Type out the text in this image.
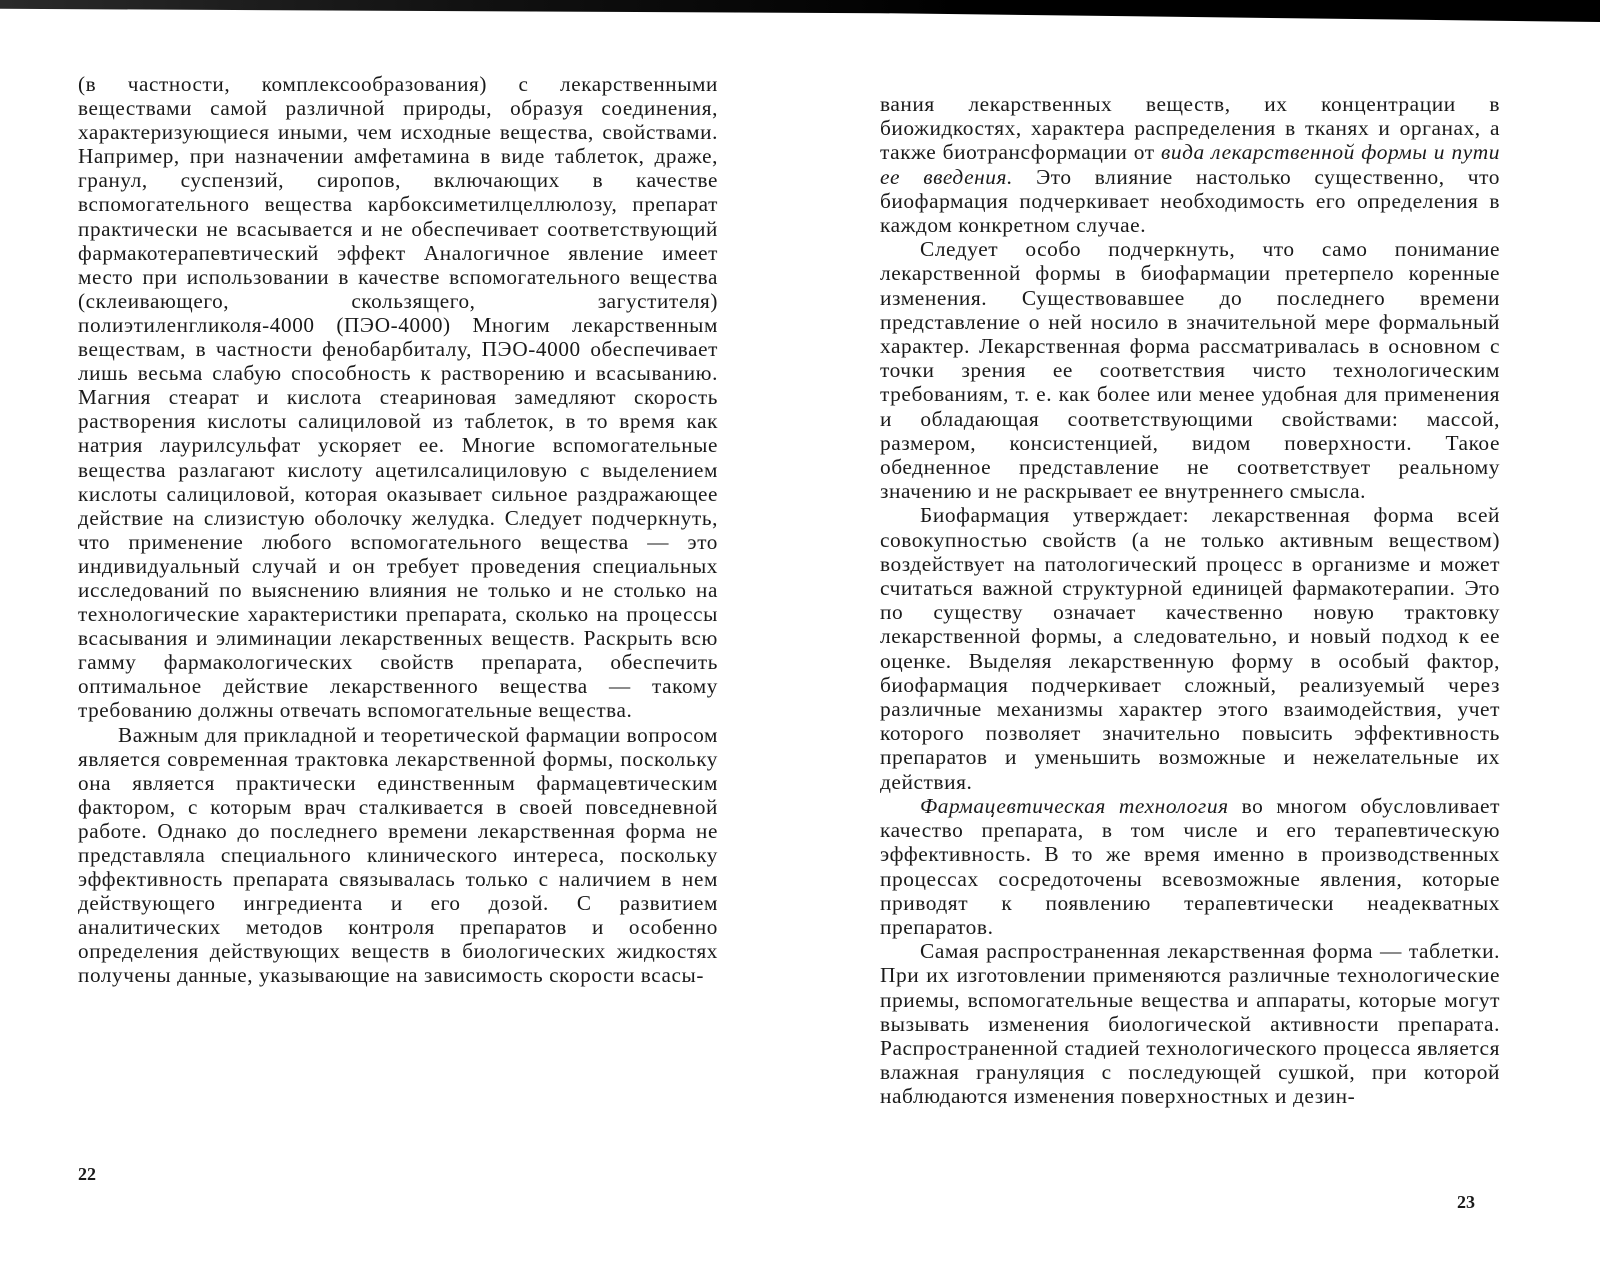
(в частности, комплексообразования) с лекарственными веществами самой различной природы, образуя соединения, характеризующиеся иными, чем исходные вещества, свойствами. Например, при назначении амфетамина в виде таблеток, драже, гранул, суспензий, сиропов, включающих в качестве вспомогательного вещества карбоксиметилцеллюлозу, препарат практически не всасывается и не обеспечивает соответствующий фармакотерапевтический эффект Аналогичное явление имеет место при использовании в качестве вспомогательного вещества (склеивающего, скользящего, загустителя) полиэтиленгликоля-4000 (ПЭО-4000) Многим лекарственным веществам, в частности фенобарбиталу, ПЭО-4000 обеспечивает лишь весьма слабую способность к растворению и всасыванию. Магния стеарат и кислота стеариновая замедляют скорость растворения кислоты салициловой из таблеток, в то время как натрия лаурилсульфат ускоряет ее. Многие вспомогательные вещества разлагают кислоту ацетилсалициловую с выделением кислоты салициловой, которая оказывает сильное раздражающее действие на слизистую оболочку желудка. Следует подчеркнуть, что применение любого вспомогательного вещества — это индивидуальный случай и он требует проведения специальных исследований по выяснению влияния не только и не столько на технологические характеристики препарата, сколько на процессы всасывания и элиминации лекарственных веществ. Раскрыть всю гамму фармакологических свойств препарата, обеспечить оптимальное действие лекарственного вещества — такому требованию должны отвечать вспомогательные вещества.

Важным для прикладной и теоретической фармации вопросом является современная трактовка лекарственной формы, поскольку она является практически единственным фармацевтическим фактором, с которым врач сталкивается в своей повседневной работе. Однако до последнего времени лекарственная форма не представляла специального клинического интереса, поскольку эффективность препарата связывалась только с наличием в нем действующего ингредиента и его дозой. С развитием аналитических методов контроля препаратов и особенно определения действующих веществ в биологических жидкостях получены данные, указывающие на зависимость скорости всасы-

22

вания лекарственных веществ, их концентрации в биожидкостях, характера распределения в тканях и органах, а также биотрансформации от вида лекарственной формы и пути ее введения. Это влияние настолько существенно, что биофармация подчеркивает необходимость его определения в каждом конкретном случае.

Следует особо подчеркнуть, что само понимание лекарственной формы в биофармации претерпело коренные изменения. Существовавшее до последнего времени представление о ней носило в значительной мере формальный характер. Лекарственная форма рассматривалась в основном с точки зрения ее соответствия чисто технологическим требованиям, т. е. как более или менее удобная для применения и обладающая соответствующими свойствами: массой, размером, консистенцией, видом поверхности. Такое обедненное представление не соответствует реальному значению и не раскрывает ее внутреннего смысла.

Биофармация утверждает: лекарственная форма всей совокупностью свойств (а не только активным веществом) воздействует на патологический процесс в организме и может считаться важной структурной единицей фармакотерапии. Это по существу означает качественно новую трактовку лекарственной формы, а следовательно, и новый подход к ее оценке. Выделяя лекарственную форму в особый фактор, биофармация подчеркивает сложный, реализуемый через различные механизмы характер этого взаимодействия, учет которого позволяет значительно повысить эффективность препаратов и уменьшить возможные и нежелательные их действия.

Фармацевтическая технология во многом обусловливает качество препарата, в том числе и его терапевтическую эффективность. В то же время именно в производственных процессах сосредоточены всевозможные явления, которые приводят к появлению терапевтически неадекватных препаратов.

Самая распространенная лекарственная форма — таблетки. При их изготовлении применяются различные технологические приемы, вспомогательные вещества и аппараты, которые могут вызывать изменения биологической активности препарата. Распространенной стадией технологического процесса является влажная грануляция с последующей сушкой, при которой наблюдаются изменения поверхностных и дезин-

23
